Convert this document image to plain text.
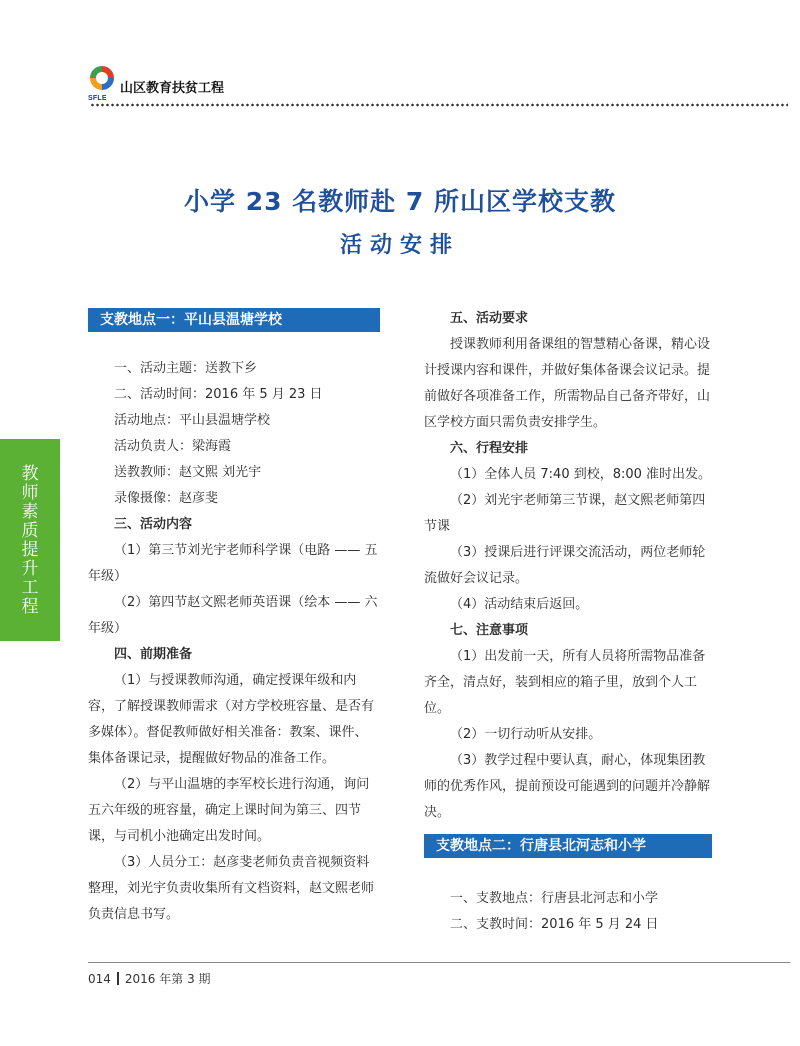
SFLE
山区教育扶贫工程
教师素质提升工程
小学 23 名教师赴 7 所山区学校支教
活动安排
支教地点一：平山县温塘学校

一、活动主题：送教下乡

二、活动时间：2016 年 5 月 23 日

活动地点：平山县温塘学校

活动负责人：梁海霞

送教教师：赵文熙 刘光宇

录像摄像：赵彦斐

三、活动内容

（1）第三节刘光宇老师科学课（电路 —— 五年级）

（2）第四节赵文熙老师英语课（绘本 —— 六年级）

四、前期准备

（1）与授课教师沟通，确定授课年级和内容，了解授课教师需求（对方学校班容量、是否有多媒体）。督促教师做好相关准备：教案、课件、集体备课记录，提醒做好物品的准备工作。

（2）与平山温塘的李军校长进行沟通，询问五六年级的班容量，确定上课时间为第三、四节课，与司机小池确定出发时间。

（3）人员分工：赵彦斐老师负责音视频资料整理，刘光宇负责收集所有文档资料，赵文熙老师负责信息书写。

五、活动要求

授课教师利用备课组的智慧精心备课，精心设计授课内容和课件，并做好集体备课会议记录。提前做好各项准备工作，所需物品自己备齐带好，山区学校方面只需负责安排学生。

六、行程安排

（1）全体人员 7:40 到校，8:00 准时出发。

（2）刘光宇老师第三节课，赵文熙老师第四节课

（3）授课后进行评课交流活动，两位老师轮流做好会议记录。

（4）活动结束后返回。

七、注意事项

（1）出发前一天，所有人员将所需物品准备齐全，清点好，装到相应的箱子里，放到个人工位。

（2）一切行动听从安排。

（3）教学过程中要认真，耐心，体现集团教师的优秀作风，提前预设可能遇到的问题并冷静解决。

支教地点二：行唐县北河志和小学

一、支教地点：行唐县北河志和小学

二、支教时间：2016 年 5 月 24 日

014 2016 年第 3 期
